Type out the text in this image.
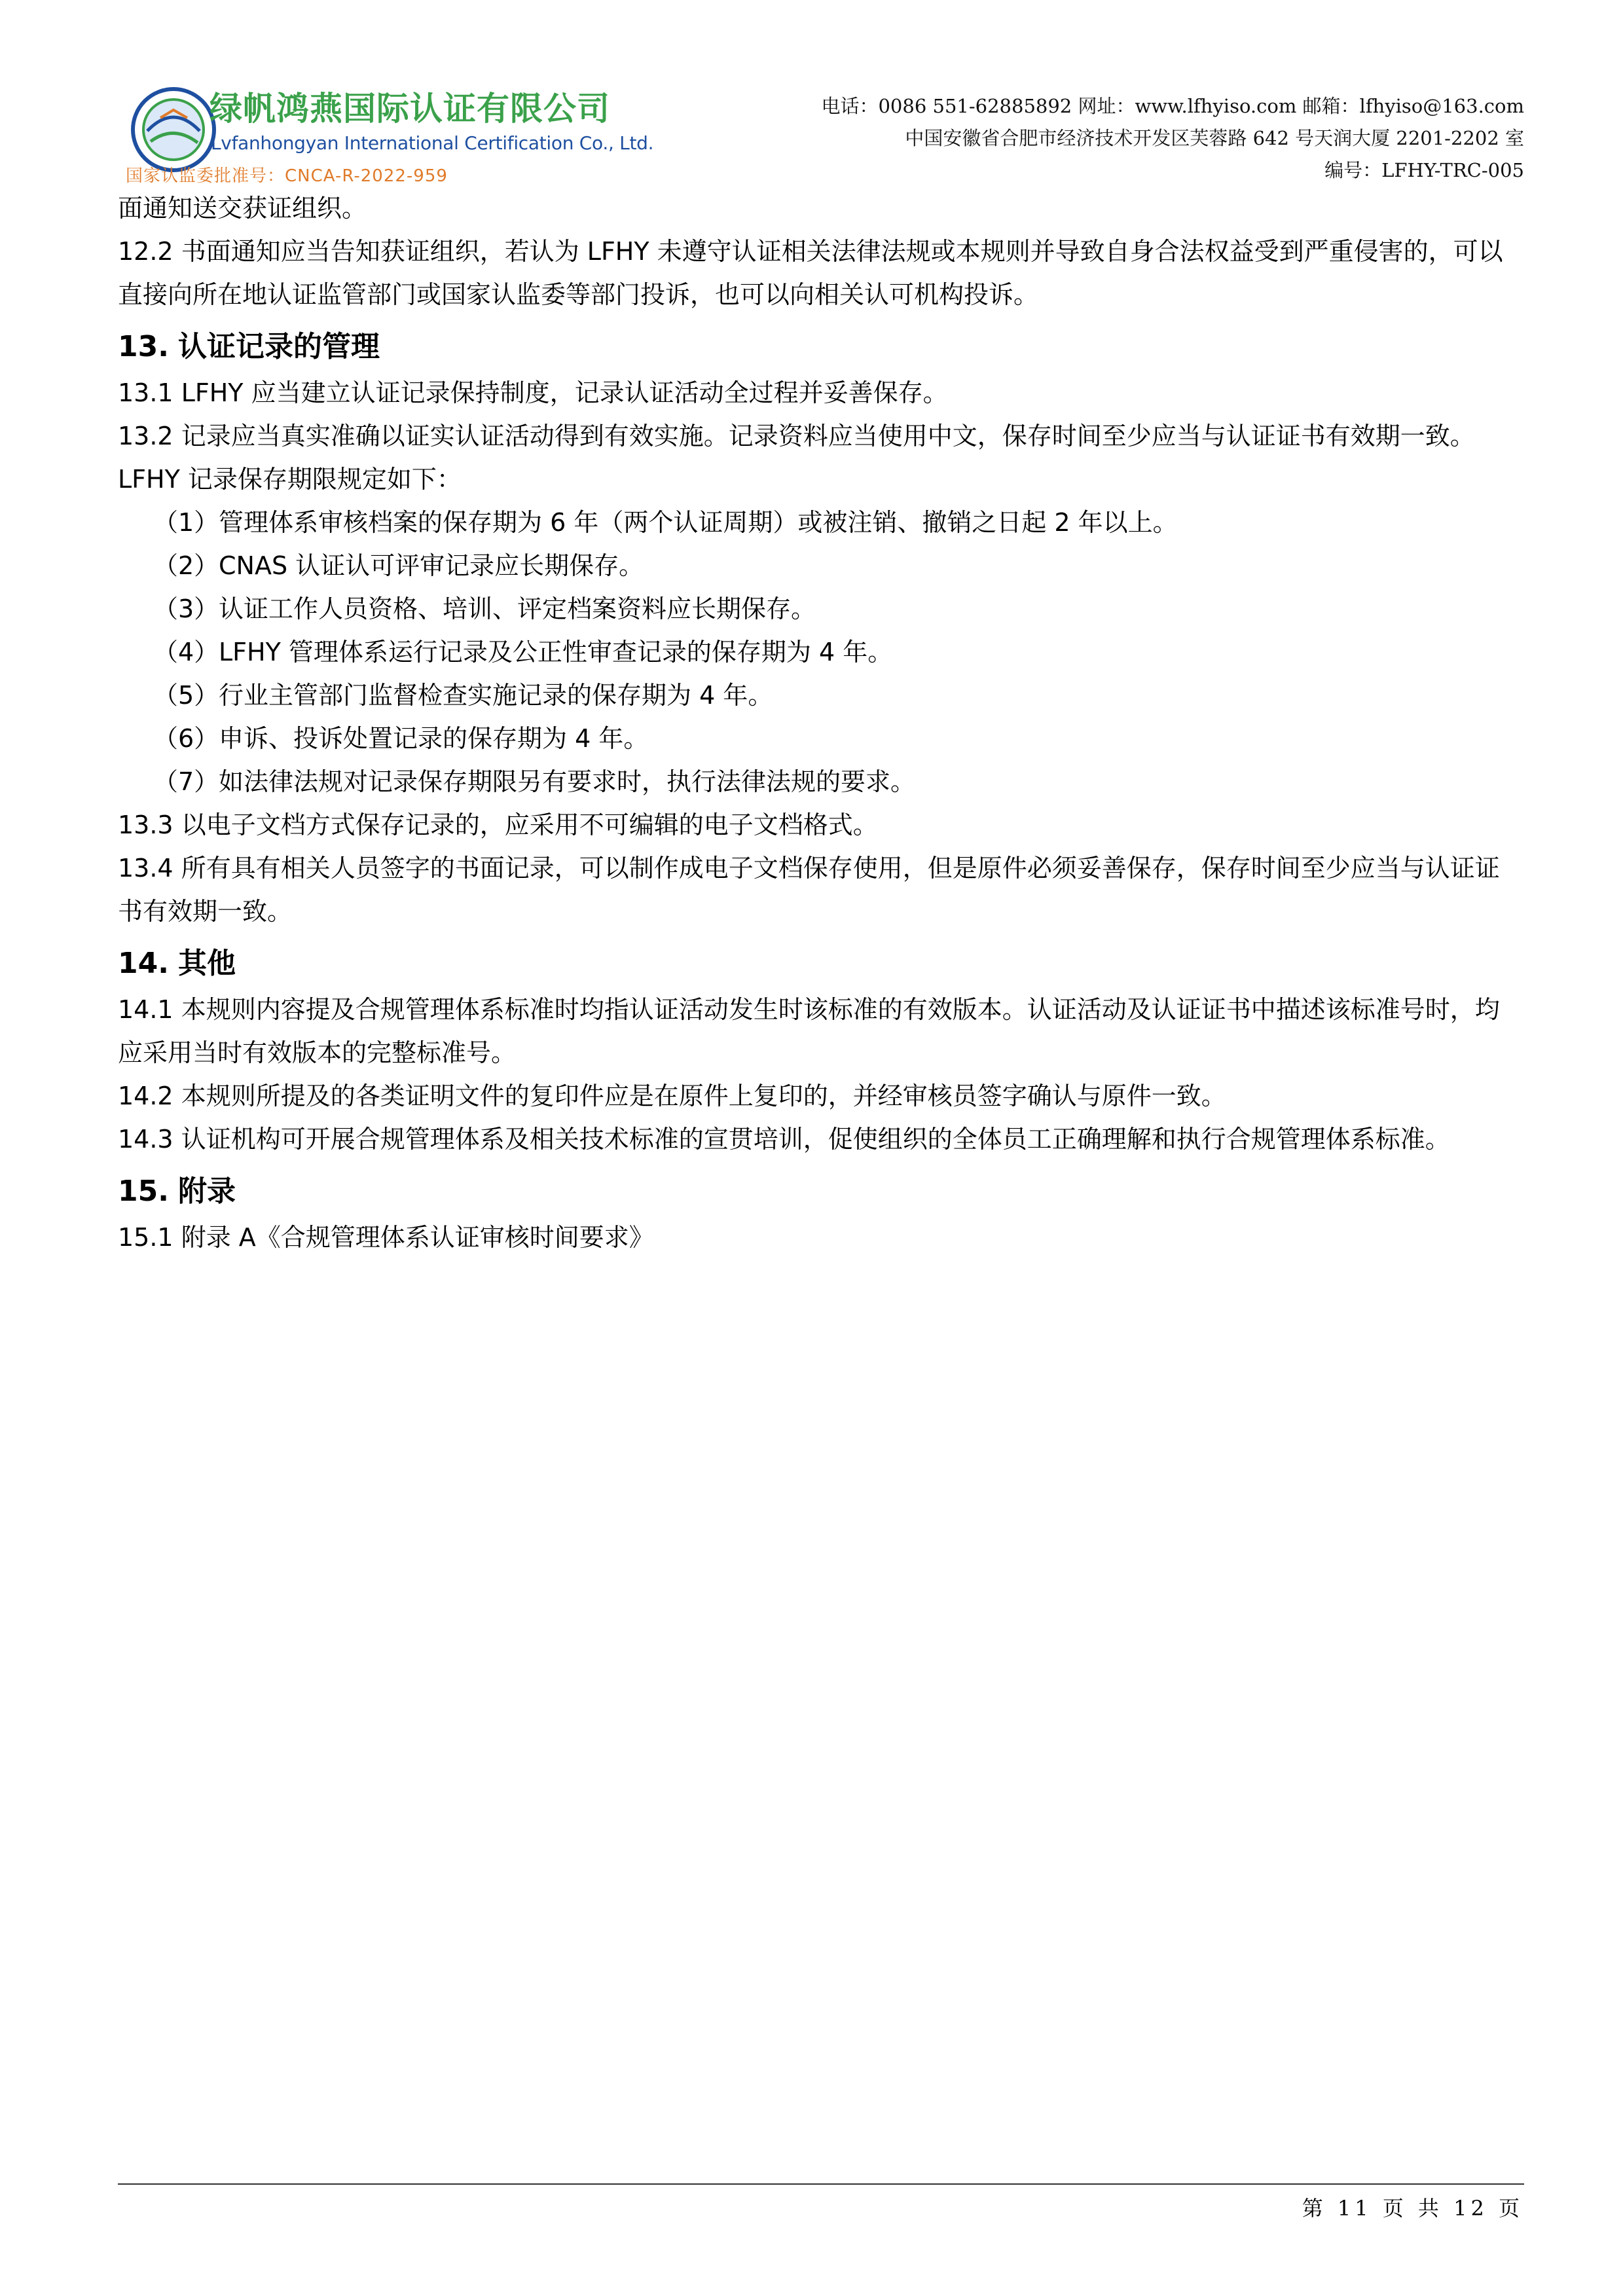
绿帆鸿燕国际认证有限公司
Lvfanhongyan International Certification Co., Ltd.
国家认监委批准号：CNCA-R-2022-959
电话：0086 551-62885892 网址：www.lfhyiso.com 邮箱：lfhyiso@163.com
中国安徽省合肥市经济技术开发区芙蓉路 642 号天润大厦 2201-2202 室
编号：LFHY-TRC-005

面通知送交获证组织。

12.2 书面通知应当告知获证组织，若认为 LFHY 未遵守认证相关法律法规或本规则并导致自身合法权益受到严重侵害的，可以直接向所在地认证监管部门或国家认监委等部门投诉，也可以向相关认可机构投诉。

13. 认证记录的管理

13.1 LFHY 应当建立认证记录保持制度，记录认证活动全过程并妥善保存。

13.2 记录应当真实准确以证实认证活动得到有效实施。记录资料应当使用中文，保存时间至少应当与认证证书有效期一致。LFHY 记录保存期限规定如下：

（1）管理体系审核档案的保存期为 6 年（两个认证周期）或被注销、撤销之日起 2 年以上。

（2）CNAS 认证认可评审记录应长期保存。

（3）认证工作人员资格、培训、评定档案资料应长期保存。

（4）LFHY 管理体系运行记录及公正性审查记录的保存期为 4 年。

（5）行业主管部门监督检查实施记录的保存期为 4 年。

（6）申诉、投诉处置记录的保存期为 4 年。

（7）如法律法规对记录保存期限另有要求时，执行法律法规的要求。

13.3 以电子文档方式保存记录的，应采用不可编辑的电子文档格式。

13.4 所有具有相关人员签字的书面记录，可以制作成电子文档保存使用，但是原件必须妥善保存，保存时间至少应当与认证证书有效期一致。

14. 其他

14.1 本规则内容提及合规管理体系标准时均指认证活动发生时该标准的有效版本。认证活动及认证证书中描述该标准号时，均应采用当时有效版本的完整标准号。

14.2 本规则所提及的各类证明文件的复印件应是在原件上复印的，并经审核员签字确认与原件一致。

14.3 认证机构可开展合规管理体系及相关技术标准的宣贯培训，促使组织的全体员工正确理解和执行合规管理体系标准。

15. 附录

15.1 附录 A《合规管理体系认证审核时间要求》

第 11 页 共 12 页
